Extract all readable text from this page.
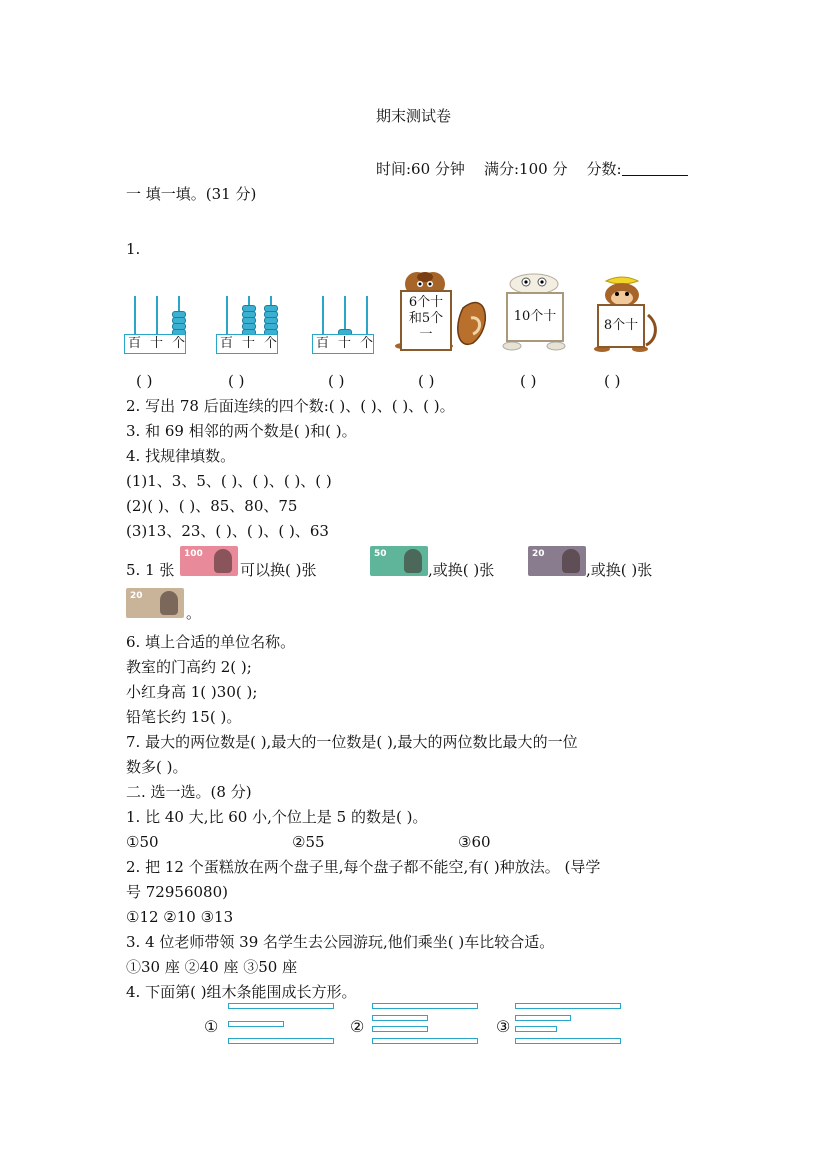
期末测试卷
时间:60 分钟 满分:100 分 分数:
一 填一填。(31 分)
1.
百 十 个	百 十 个	百 十 个
6个十
和5个
一
10个十
8个十
( )	( )	( )	( )	( )	( )
2. 写出 78 后面连续的四个数:( )、( )、( )、( )。
3. 和 69 相邻的两个数是( )和( )。
4. 找规律填数。
(1)1、3、5、( )、( )、( )、( )
(2)( )、( )、85、80、75
(3)13、23、( )、( )、( )、63
5. 1 张
100
可以换( )张
50
,或换( )张
20
,或换( )张
20
。
6. 填上合适的单位名称。
教室的门高约 2( );
小红身高 1( )30( );
铅笔长约 15( )。
7. 最大的两位数是( ),最大的一位数是( ),最大的两位数比最大的一位
数多( )。
二. 选一选。(8 分)
1. 比 40 大,比 60 小,个位上是 5 的数是( )。
①50	②55	③60
2. 把 12 个蛋糕放在两个盘子里,每个盘子都不能空,有( )种放法。 (导学
号 72956080)
①12 ②10 ③13
3. 4 位老师带领 39 名学生去公园游玩,他们乘坐( )车比较合适。
①30 座 ②40 座 ③50 座
4. 下面第( )组木条能围成长方形。
①	②	③
